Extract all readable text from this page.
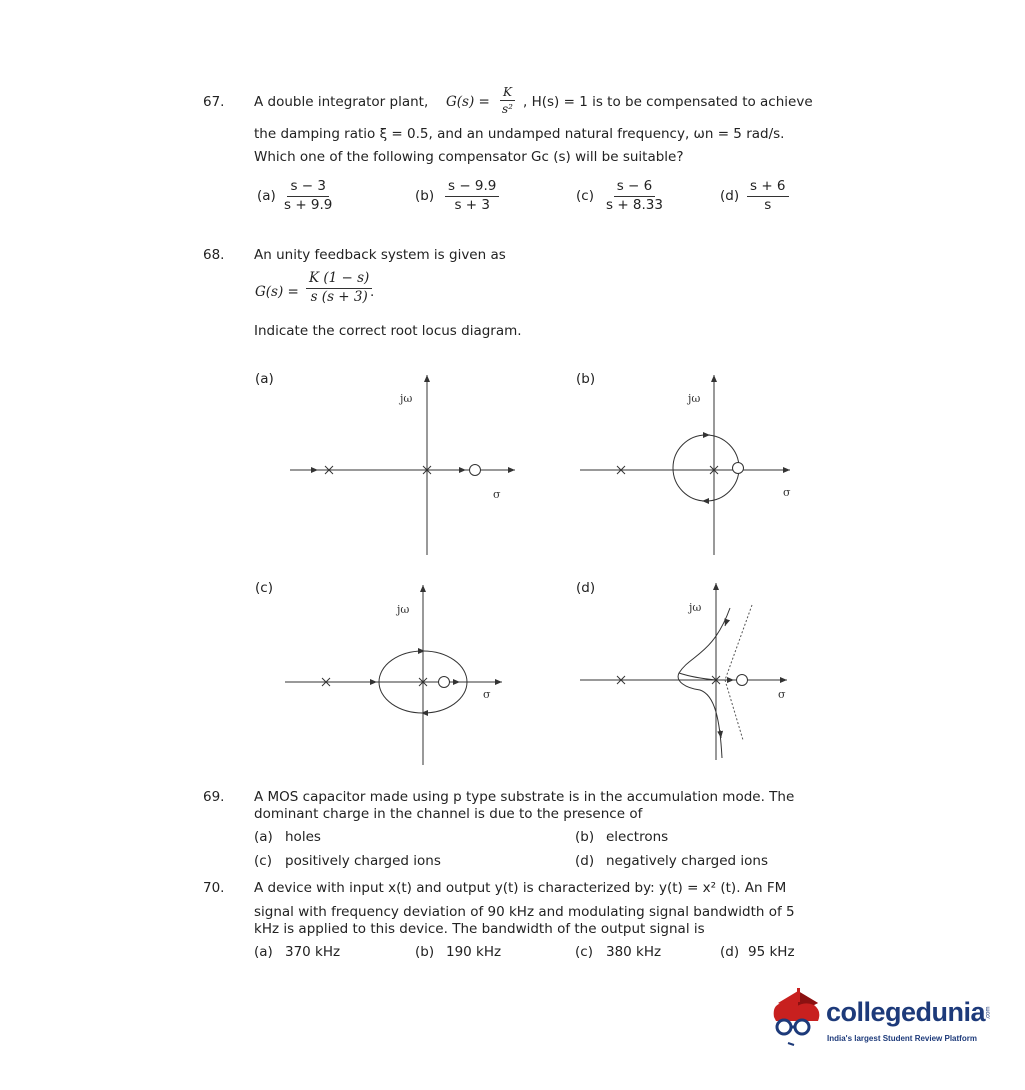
67. A double integrator plant, $G(s) = \frac{K}{\text{s²}}$ , H(s) = 1 is to be compensated to achieve
the damping ratio ξ = 0.5, and an undamped natural frequency, ωn = 5 rad/s.
Which one of the following compensator Gc (s) will be suitable?
$(a) \frac{s - 3}{s + 9.9}$	$(b) \frac{s - 9.9}{s + 3}$	$(c) \frac{s - 6}{s + 8.33}$	$(d) \frac{s + 6}{s}$
68. An unity feedback system is given as
$G(s) = \frac{K (1 - s)}{s (s + 3)}$
.
Indicate the correct root locus diagram.
(a)	(b)
(c)	(d)
jω
σ
jω
σ
jω
σ
jω
σ
69. A MOS capacitor made using p type substrate is in the accumulation mode. The
dominant charge in the channel is due to the presence of
(a) holes	(b) electrons
(c) positively charged ions	(d) negatively charged ions
70. A device with input x(t) and output y(t) is characterized by: y(t) = x² (t). An FM
signal with frequency deviation of 90 kHz and modulating signal bandwidth of 5
kHz is applied to this device. The bandwidth of the output signal is
(a) 370 kHz	(b) 190 kHz	(c) 380 kHz	(d) 95 kHz
collegedunia .com
India's largest Student Review Platform
